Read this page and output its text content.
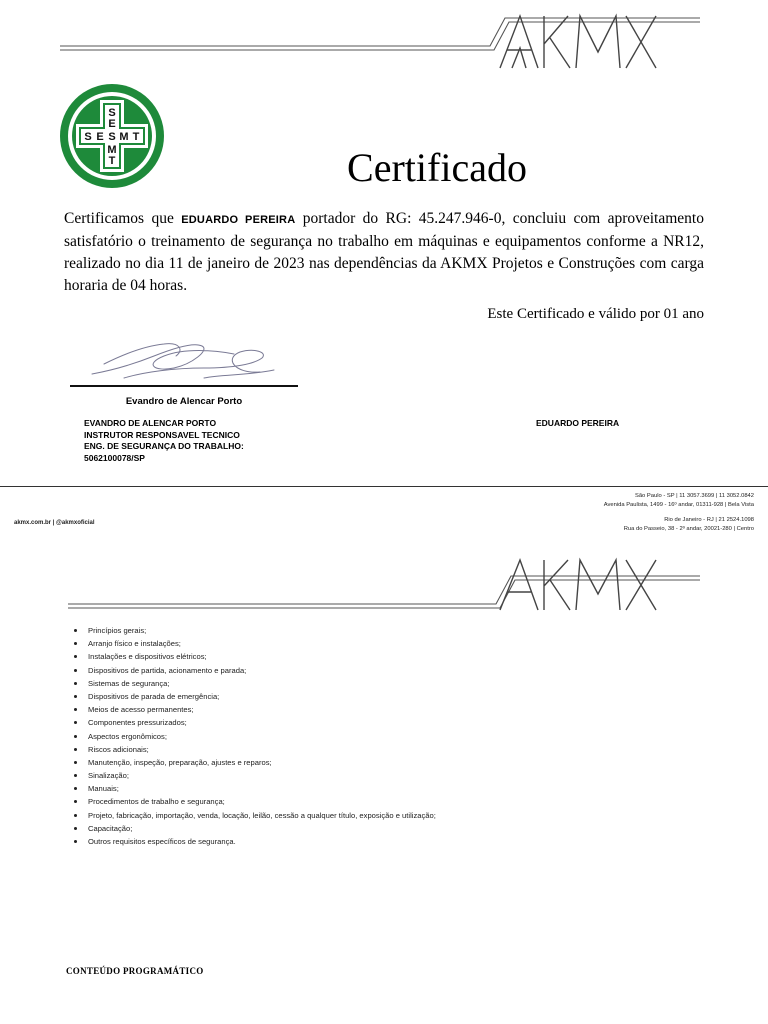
AKMX
S
E
S E S M T
M
T
SESMT
Certificado
Certificamos que EDUARDO PEREIRA portador do RG: 45.247.946-0, concluiu com aproveitamento satisfatório o treinamento de segurança no trabalho em máquinas e equipamentos conforme a NR12, realizado no dia 11 de janeiro de 2023 nas dependências da AKMX Projetos e Construções com carga horaria de 04 horas.
Este Certificado e válido por 01 ano
Evandro de Alencar Porto
EVANDRO DE ALENCAR PORTO
INSTRUTOR RESPONSAVEL TECNICO
ENG. DE SEGURANÇA DO TRABALHO:
5062100078/SP
EDUARDO PEREIRA
São Paulo - SP | 11 3057.3699 | 11 3052.0842
Avenida Paulista, 1499 - 16º andar, 01311-928 | Bela Vista
Rio de Janeiro - RJ | 21 2524.1098
Rua do Passeio, 38 - 2º andar, 20021-280 | Centro
akmx.com.br | @akmxoficial
Princípios gerais;
Arranjo físico e instalações;
Instalações e dispositivos elétricos;
Dispositivos de partida, acionamento e parada;
Sistemas de segurança;
Dispositivos de parada de emergência;
Meios de acesso permanentes;
Componentes pressurizados;
Aspectos ergonômicos;
Riscos adicionais;
Manutenção, inspeção, preparação, ajustes e reparos;
Sinalização;
Manuais;
Procedimentos de trabalho e segurança;
Projeto, fabricação, importação, venda, locação, leilão, cessão a qualquer título, exposição e utilização;
Capacitação;
Outros requisitos específicos de segurança.
CONTEÚDO PROGRAMÁTICO
